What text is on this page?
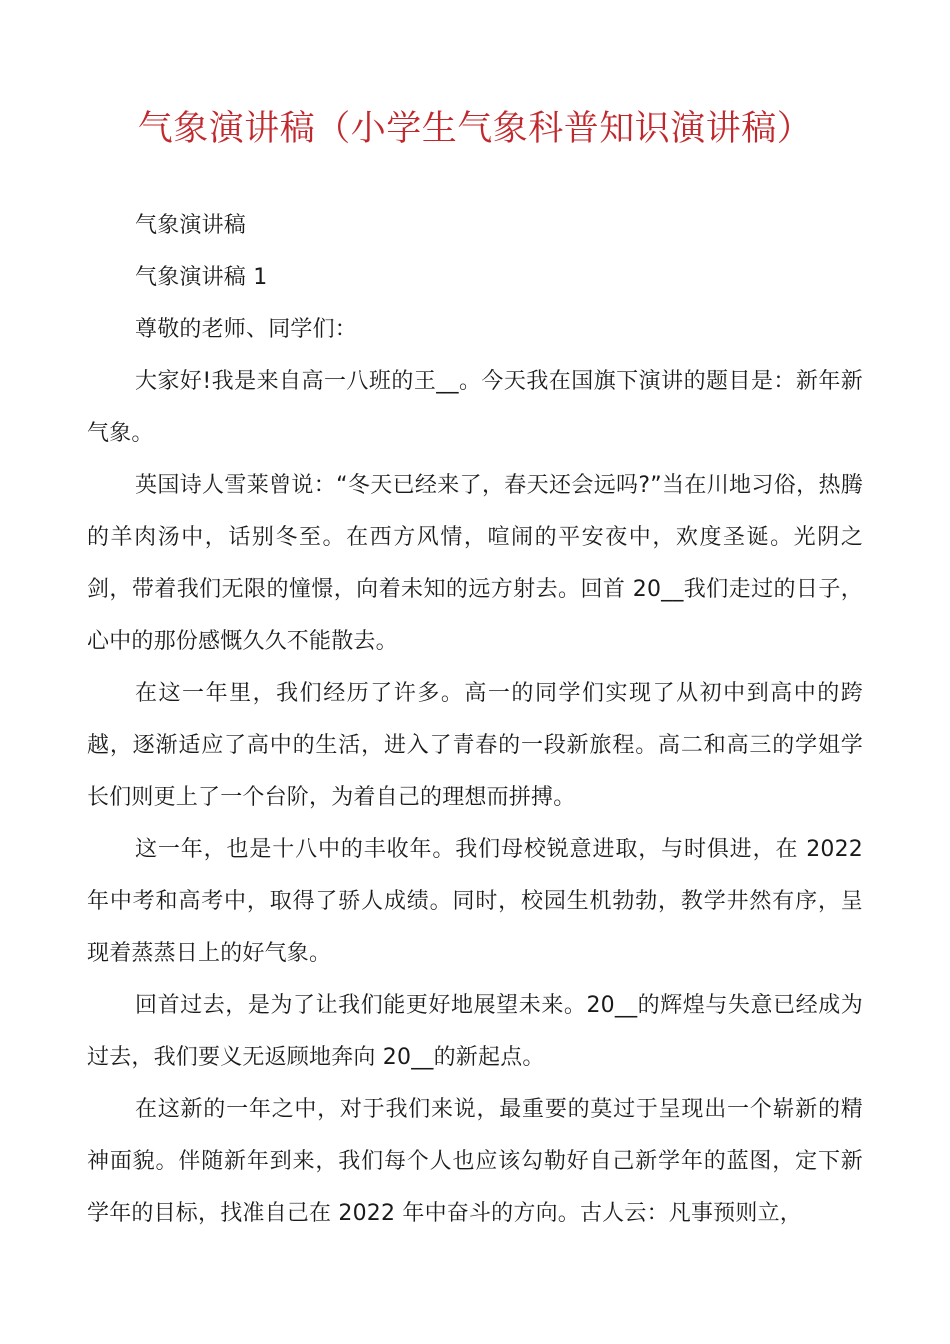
气象演讲稿（小学生气象科普知识演讲稿）

气象演讲稿

气象演讲稿 1

尊敬的老师、同学们：

大家好!我是来自高一八班的王__。今天我在国旗下演讲的题目是：新年新气象。

英国诗人雪莱曾说：“冬天已经来了，春天还会远吗?”当在川地习俗，热腾的羊肉汤中，话别冬至。在西方风情，喧闹的平安夜中，欢度圣诞。光阴之剑，带着我们无限的憧憬，向着未知的远方射去。回首 20__我们走过的日子，心中的那份感慨久久不能散去。

在这一年里，我们经历了许多。高一的同学们实现了从初中到高中的跨越，逐渐适应了高中的生活，进入了青春的一段新旅程。高二和高三的学姐学长们则更上了一个台阶，为着自己的理想而拼搏。

这一年，也是十八中的丰收年。我们母校锐意进取，与时俱进，在 2022 年中考和高考中，取得了骄人成绩。同时，校园生机勃勃，教学井然有序，呈现着蒸蒸日上的好气象。

回首过去，是为了让我们能更好地展望未来。20__的辉煌与失意已经成为过去，我们要义无返顾地奔向 20__的新起点。

在这新的一年之中，对于我们来说，最重要的莫过于呈现出一个崭新的精神面貌。伴随新年到来，我们每个人也应该勾勒好自己新学年的蓝图，定下新学年的目标，找准自己在 2022 年中奋斗的方向。古人云：凡事预则立，
